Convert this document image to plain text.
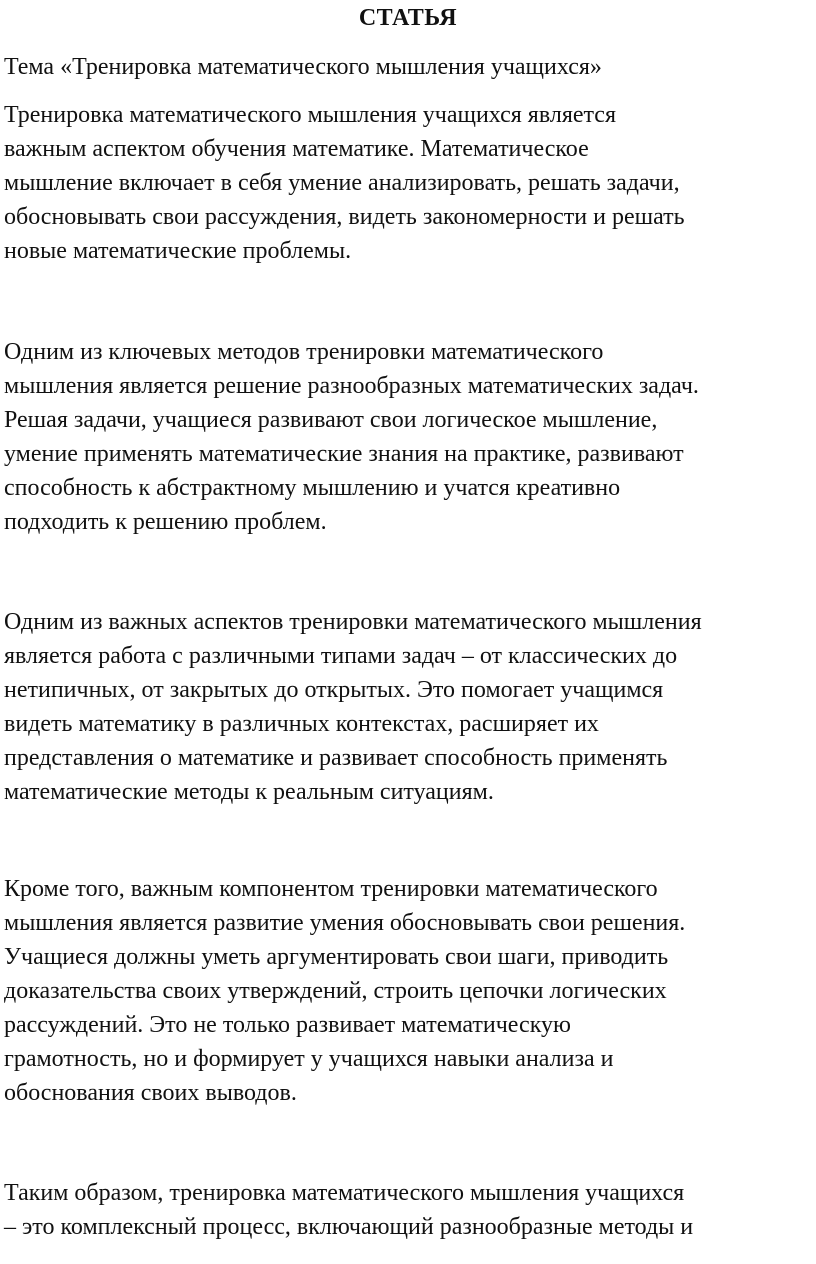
СТАТЬЯ
Тема «Тренировка математического мышления учащихся»
Тренировка математического мышления учащихся является
важным аспектом обучения математике. Математическое
мышление включает в себя умение анализировать, решать задачи,
обосновывать свои рассуждения, видеть закономерности и решать
новые математические проблемы.
Одним из ключевых методов тренировки математического
мышления является решение разнообразных математических задач.
Решая задачи, учащиеся развивают свои логическое мышление,
умение применять математические знания на практике, развивают
способность к абстрактному мышлению и учатся креативно
подходить к решению проблем.
Одним из важных аспектов тренировки математического мышления
является работа с различными типами задач – от классических до
нетипичных, от закрытых до открытых. Это помогает учащимся
видеть математику в различных контекстах, расширяет их
представления о математике и развивает способность применять
математические методы к реальным ситуациям.
Кроме того, важным компонентом тренировки математического
мышления является развитие умения обосновывать свои решения.
Учащиеся должны уметь аргументировать свои шаги, приводить
доказательства своих утверждений, строить цепочки логических
рассуждений. Это не только развивает математическую
грамотность, но и формирует у учащихся навыки анализа и
обоснования своих выводов.
Таким образом, тренировка математического мышления учащихся
– это комплексный процесс, включающий разнообразные методы и
